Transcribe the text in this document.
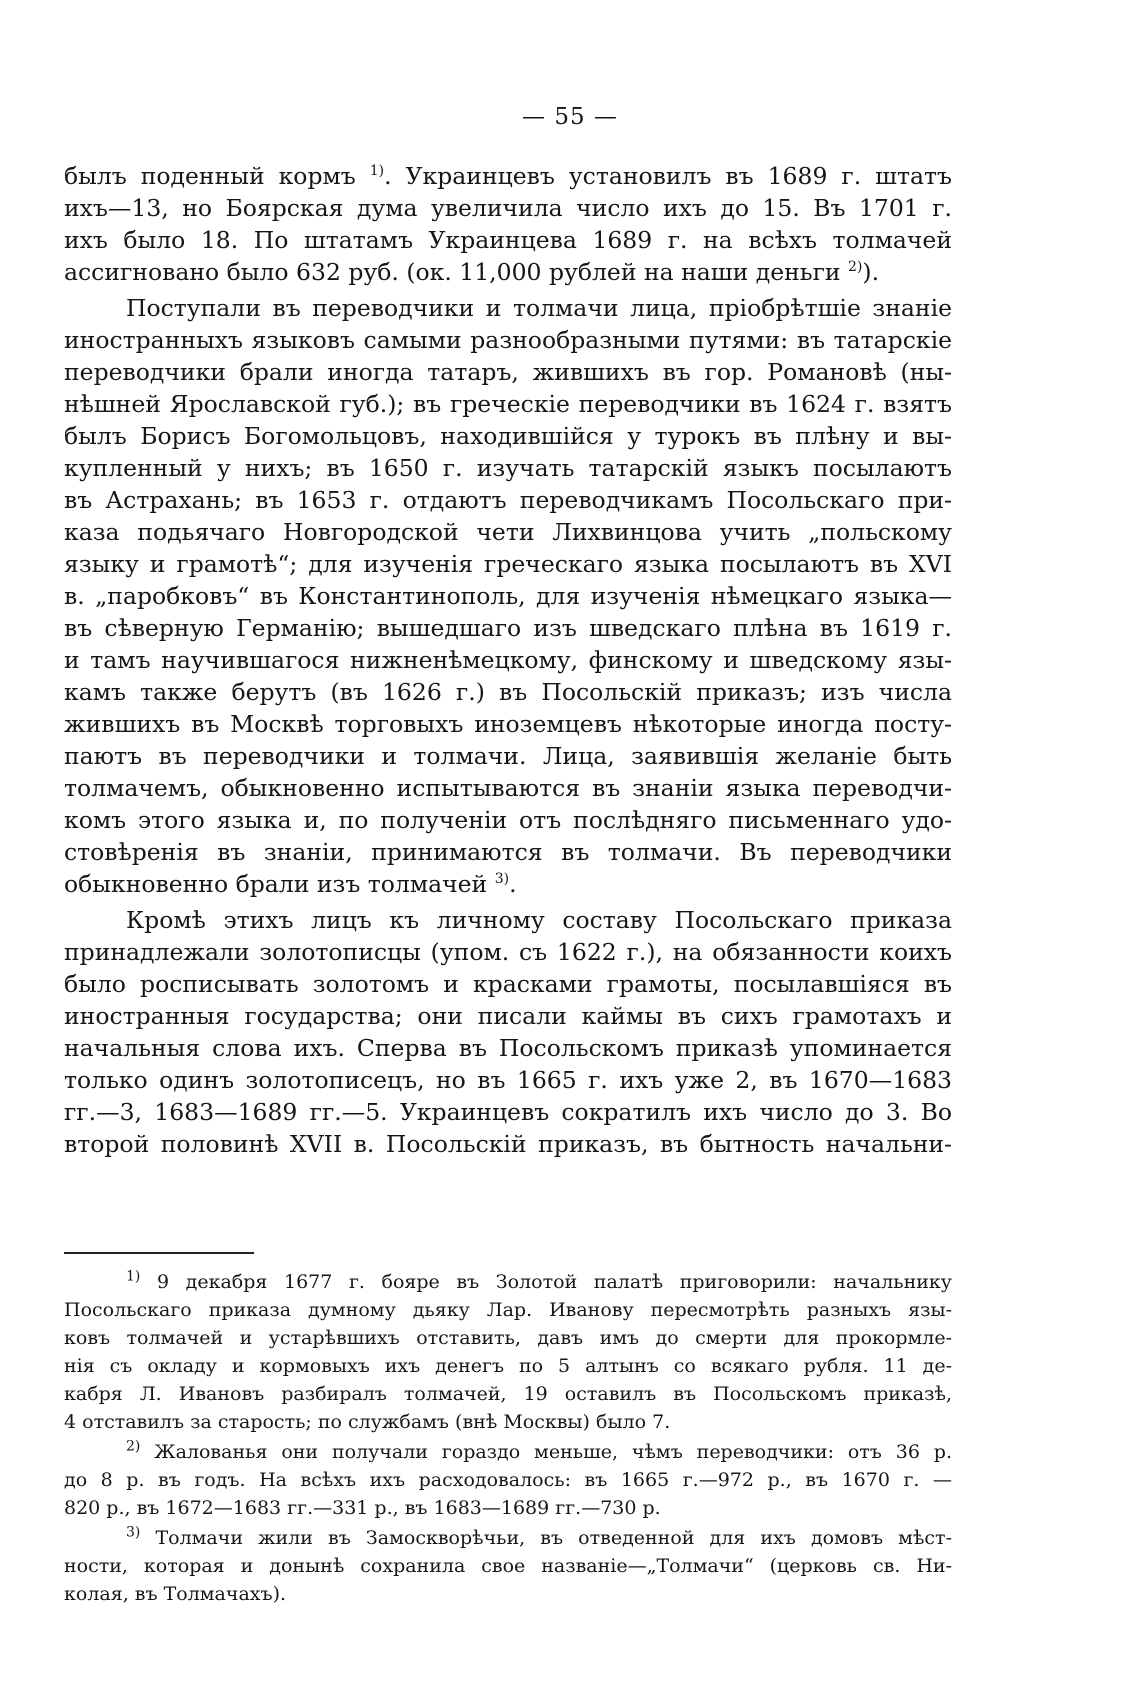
— 55 —
былъ поденный кормъ $^{1)}$. Украинцевъ установилъ въ 1689 г. штатъ
ихъ—13, но Боярская дума увеличила число ихъ до 15. Въ 1701 г.
ихъ было 18. По штатамъ Украинцева 1689 г. на всѣхъ толмачей
ассигновано было 632 руб. (ок. 11,000 рублей на наши деньги $^{2)}$).
Поступали въ переводчики и толмачи лица, пріобрѣтшіе знаніе
иностранныхъ языковъ самыми разнообразными путями: въ татарскіе
переводчики брали иногда татаръ, жившихъ въ гор. Романовѣ (ны-
нѣшней Ярославской губ.); въ греческіе переводчики въ 1624 г. взятъ
былъ Борисъ Богомольцовъ, находившійся у турокъ въ плѣну и вы-
купленный у нихъ; въ 1650 г. изучать татарскій языкъ посылаютъ
въ Астрахань; въ 1653 г. отдаютъ переводчикамъ Посольскаго при-
каза подьячаго Новгородской чети Лихвинцова учить „польскому
языку и грамотѣ“; для изученія греческаго языка посылаютъ въ XVI
в. „паробковъ“ въ Константинополь, для изученія нѣмецкаго языка—
въ сѣверную Германію; вышедшаго изъ шведскаго плѣна въ 1619 г.
и тамъ научившагося нижненѣмецкому, финскому и шведскому язы-
камъ также берутъ (въ 1626 г.) въ Посольскій приказъ; изъ числа
жившихъ въ Москвѣ торговыхъ иноземцевъ нѣкоторые иногда посту-
паютъ въ переводчики и толмачи. Лица, заявившія желаніе быть
толмачемъ, обыкновенно испытываются въ знаніи языка переводчи-
комъ этого языка и, по полученіи отъ послѣдняго письменнаго удо-
стовѣренія въ знаніи, принимаются въ толмачи. Въ переводчики
обыкновенно брали изъ толмачей $^{3)}$.
Кромѣ этихъ лицъ къ личному составу Посольскаго приказа
принадлежали золотописцы (упом. съ 1622 г.), на обязанности коихъ
было росписывать золотомъ и красками грамоты, посылавшіяся въ
иностранныя государства; они писали каймы въ сихъ грамотахъ и
начальныя слова ихъ. Сперва въ Посольскомъ приказѣ упоминается
только одинъ золотописецъ, но въ 1665 г. ихъ уже 2, въ 1670—1683
гг.—3, 1683—1689 гг.—5. Украинцевъ сократилъ ихъ число до 3. Во
второй половинѣ XVII в. Посольскій приказъ, въ бытность начальни-
$^{1)}$ 9 декабря 1677 г. бояре въ Золотой палатѣ приговорили: начальнику
Посольскаго приказа думному дьяку Лар. Иванову пересмотрѣть разныхъ язы-
ковъ толмачей и устарѣвшихъ отставить, давъ имъ до смерти для прокормле-
нія съ окладу и кормовыхъ ихъ денегъ по 5 алтынъ со всякаго рубля. 11 де-
кабря Л. Ивановъ разбиралъ толмачей, 19 оставилъ въ Посольскомъ приказѣ,
4 отставилъ за старость; по службамъ (внѣ Москвы) было 7.
$^{2)}$ Жалованья они получали гораздо меньше, чѣмъ переводчики: отъ 36 р.
до 8 р. въ годъ. На всѣхъ ихъ расходовалось: въ 1665 г.—972 р., въ 1670 г. —
820 р., въ 1672—1683 гг.—331 р., въ 1683—1689 гг.—730 р.
$^{3)}$ Толмачи жили въ Замоскворѣчьи, въ отведенной для ихъ домовъ мѣст-
ности, которая и донынѣ сохранила свое названіе—„Толмачи“ (церковь св. Ни-
колая, въ Толмачахъ).
